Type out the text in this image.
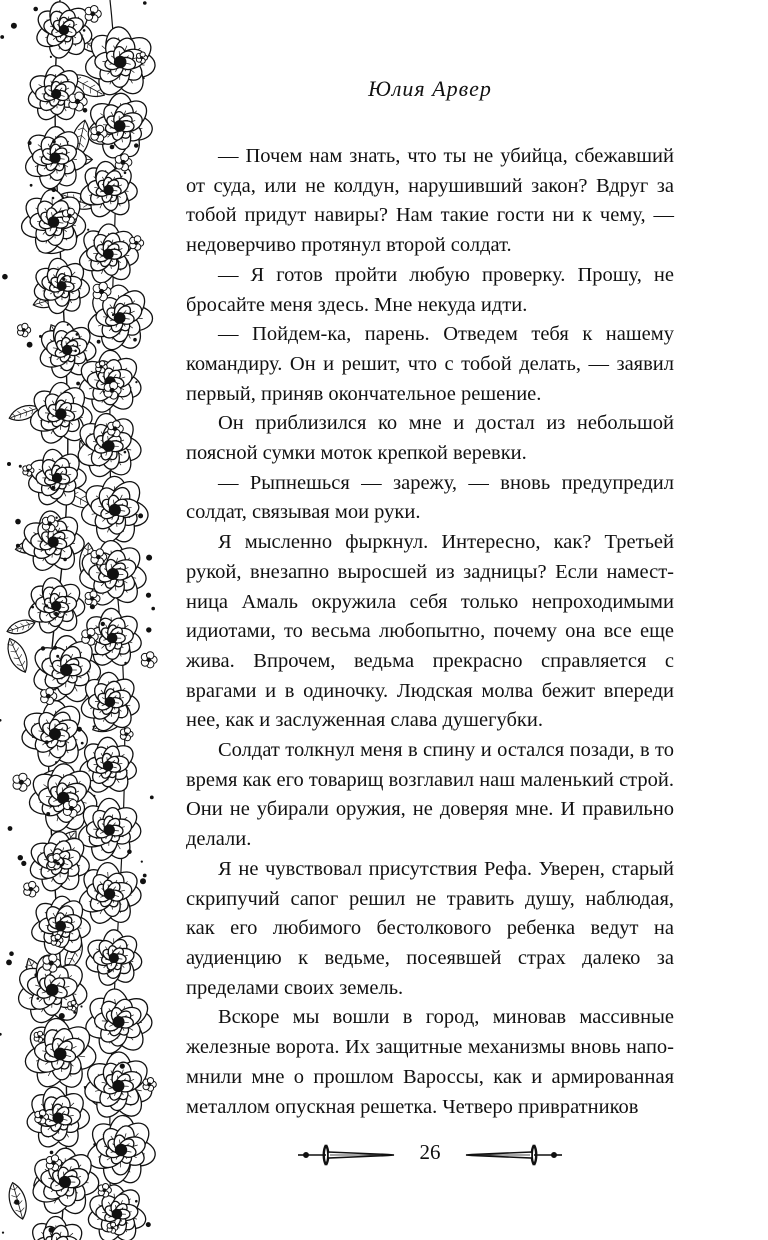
Юлия Арвер

— Почем нам знать, что ты не убийца, сбежавший от суда, или не колдун, нарушивший закон? Вдруг за тобой придут навиры? Нам такие гости ни к чему, — недоверчиво протянул второй солдат.

— Я готов пройти любую проверку. Прошу, не бросайте меня здесь. Мне некуда идти.

— Пойдем-ка, парень. Отведем тебя к нашему командиру. Он и решит, что с тобой делать, — заявил первый, приняв окончательное решение.

Он приблизился ко мне и достал из небольшой поясной сумки моток крепкой веревки.

— Рыпнешься — зарежу, — вновь предупредил солдат, связывая мои руки.

Я мысленно фыркнул. Интересно, как? Третьей рукой, внезапно выросшей из задницы? Если наместница Амаль окружила себя только непроходимыми идиотами, то весьма любопытно, почему она все еще жива. Впрочем, ведьма прекрасно справляется с врагами и в одиночку. Людская молва бежит впереди нее, как и заслуженная слава душегубки.

Солдат толкнул меня в спину и остался позади, в то время как его товарищ возглавил наш маленький строй. Они не убирали оружия, не доверяя мне. И правильно делали.

Я не чувствовал присутствия Рефа. Уверен, старый скрипучий сапог решил не травить душу, наблюдая, как его любимого бестолкового ребенка ведут на аудиенцию к ведьме, посеявшей страх далеко за пределами своих земель.

Вскоре мы вошли в город, миновав массивные железные ворота. Их защитные механизмы вновь напомнили мне о прошлом Варосcы, как и армированная металлом опускная решетка. Четверо привратников

26
